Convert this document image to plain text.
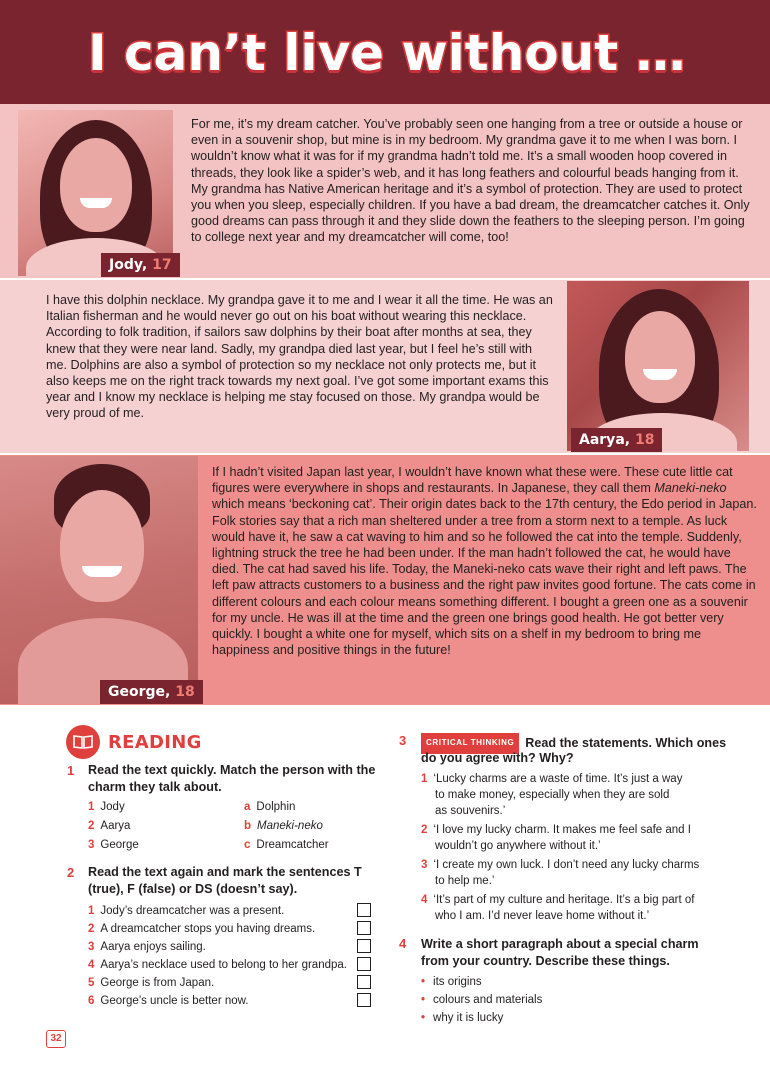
I can’t live without …
Jody, 17
Aarya, 18
George, 18

For me, it’s my dream catcher. You’ve probably seen one hanging from a tree or outside a house or even in a souvenir shop, but mine is in my bedroom. My grandma gave it to me when I was born. I wouldn’t know what it was for if my grandma hadn’t told me. It’s a small wooden hoop covered in threads, they look like a spider’s web, and it has long feathers and colourful beads hanging from it. My grandma has Native American heritage and it’s a symbol of protection. They are used to protect you when you sleep, especially children. If you have a bad dream, the dreamcatcher catches it. Only good dreams can pass through it and they slide down the feathers to the sleeping person. I’m going to college next year and my dreamcatcher will come, too!

I have this dolphin necklace. My grandpa gave it to me and I wear it all the time. He was an Italian fisherman and he would never go out on his boat without wearing this necklace. According to folk tradition, if sailors saw dolphins by their boat after months at sea, they knew that they were near land. Sadly, my grandpa died last year, but I feel he’s still with me. Dolphins are also a symbol of protection so my necklace not only protects me, but it also keeps me on the right track towards my next goal. I’ve got some important exams this year and I know my necklace is helping me stay focused on those. My grandpa would be very proud of me.

If I hadn’t visited Japan last year, I wouldn’t have known what these were. These cute little cat figures were everywhere in shops and restaurants. In Japanese, they call them Maneki-neko which means ‘beckoning cat’. Their origin dates back to the 17th century, the Edo period in Japan. Folk stories say that a rich man sheltered under a tree from a storm next to a temple. As luck would have it, he saw a cat waving to him and so he followed the cat into the temple. Suddenly, lightning struck the tree he had been under. If the man hadn’t followed the cat, he would have died. The cat had saved his life. Today, the Maneki-neko cats wave their right and left paws. The left paw attracts customers to a business and the right paw invites good fortune. The cats come in different colours and each colour means something different. I bought a green one as a souvenir for my uncle. He was ill at the time and the green one brings good health. He got better very quickly. I bought a white one for myself, which sits on a shelf in my bedroom to bring me happiness and positive things in the future!

READING
1 Read the text quickly. Match the person with the charm they talk about.
1 Jody
2 Aarya
3 George
a Dolphin
b Maneki-neko
c Dreamcatcher
2 Read the text again and mark the sentences T (true), F (false) or DS (doesn’t say).
1 Jody’s dreamcatcher was a present.
2 A dreamcatcher stops you having dreams.
3 Aarya enjoys sailing.
4 Aarya’s necklace used to belong to her grandpa.
5 George is from Japan.
6 George’s uncle is better now.
3	CRITICAL THINKING Read the statements. Which ones
do you agree with? Why?
1 ‘Lucky charms are a waste of time. It’s just a way
to make money, especially when they are sold
as souvenirs.’
2 ‘I love my lucky charm. It makes me feel safe and I
wouldn’t go anywhere without it.’
3 ‘I create my own luck. I don’t need any lucky charms
to help me.’
4 ‘It’s part of my culture and heritage. It’s a big part of
who I am. I’d never leave home without it.’
4 Write a short paragraph about a special charm
from your country. Describe these things.
• its origins
• colours and materials
• why it is lucky
32
